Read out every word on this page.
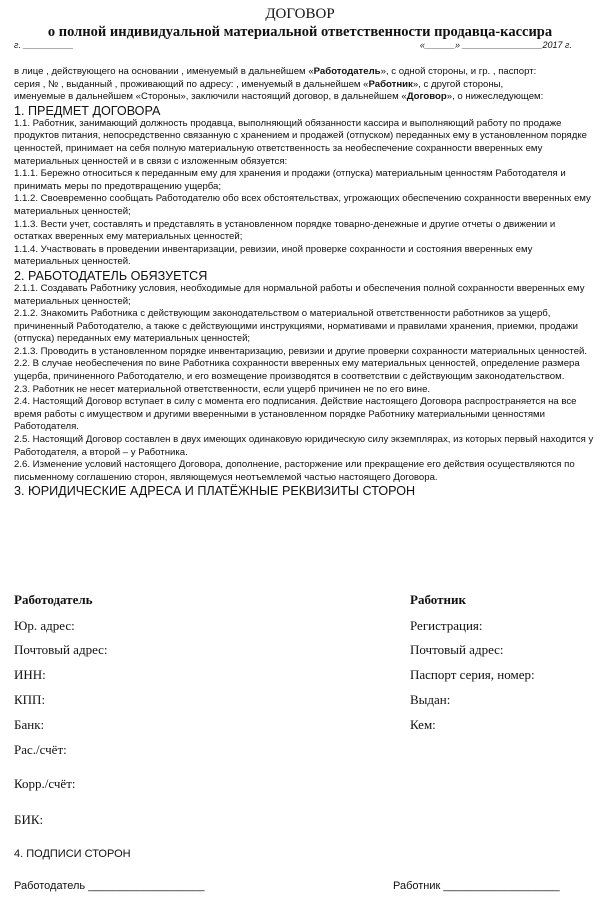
ДОГОВОР
о полной индивидуальной материальной ответственности продавца-кассира
г. __________	«______» ________________2017 г.

в лице , действующего на основании , именуемый в дальнейшем «Работодатель», с одной стороны, и гр. , паспорт:

серия , № , выданный , проживающий по адресу: , именуемый в дальнейшем «Работник», с другой стороны,

именуемые в дальнейшем «Стороны», заключили настоящий договор, в дальнейшем «Договор», о нижеследующем:

1. ПРЕДМЕТ ДОГОВОРА

1.1. Работник, занимающий должность продавца, выполняющий обязанности кассира и выполняющий работу по продаже продуктов питания, непосредственно связанную с хранением и продажей (отпуском) переданных ему в установленном порядке ценностей, принимает на себя полную материальную ответственность за необеспечение сохранности вверенных ему материальных ценностей и в связи с изложенным обязуется:

1.1.1. Бережно относиться к переданным ему для хранения и продажи (отпуска) материальным ценностям Работодателя и принимать меры по предотвращению ущерба;

1.1.2. Своевременно сообщать Работодателю обо всех обстоятельствах, угрожающих обеспечению сохранности вверенных ему материальных ценностей;

1.1.3. Вести учет, составлять и представлять в установленном порядке товарно-денежные и другие отчеты о движении и остатках вверенных ему материальных ценностей;

1.1.4. Участвовать в проведении инвентаризации, ревизии, иной проверке сохранности и состояния вверенных ему материальных ценностей.

2. РАБОТОДАТЕЛЬ ОБЯЗУЕТСЯ

2.1.1. Создавать Работнику условия, необходимые для нормальной работы и обеспечения полной сохранности вверенных ему материальных ценностей;

2.1.2. Знакомить Работника с действующим законодательством о материальной ответственности работников за ущерб, причиненный Работодателю, а также с действующими инструкциями, нормативами и правилами хранения, приемки, продажи (отпуска) переданных ему материальных ценностей;

2.1.3. Проводить в установленном порядке инвентаризацию, ревизии и другие проверки сохранности материальных ценностей.

2.2. В случае необеспечения по вине Работника сохранности вверенных ему материальных ценностей, определение размера ущерба, причиненного Работодателю, и его возмещение производятся в соответствии с действующим законодательством.

2.3. Работник не несет материальной ответственности, если ущерб причинен не по его вине.

2.4. Настоящий Договор вступает в силу с момента его подписания. Действие настоящего Договора распространяется на все время работы с имуществом и другими вверенными в установленном порядке Работнику материальными ценностями Работодателя.

2.5. Настоящий Договор составлен в двух имеющих одинаковую юридическую силу экземплярах, из которых первый находится у Работодателя, а второй – у Работника.

2.6. Изменение условий настоящего Договора, дополнение, расторжение или прекращение его действия осуществляются по письменному соглашению сторон, являющемуся неотъемлемой частью настоящего Договора.

3. ЮРИДИЧЕСКИЕ АДРЕСА И ПЛАТЁЖНЫЕ РЕКВИЗИТЫ СТОРОН

Работодатель
Юр. адрес:
Почтовый адрес:
ИНН:
КПП:
Банк:
Рас./счёт:
Корр./счёт:
БИК:
Работник
Регистрация:
Почтовый адрес:
Паспорт серия, номер:
Выдан:
Кем:
4. ПОДПИСИ СТОРОН
Работодатель ___________________	Работник ___________________
